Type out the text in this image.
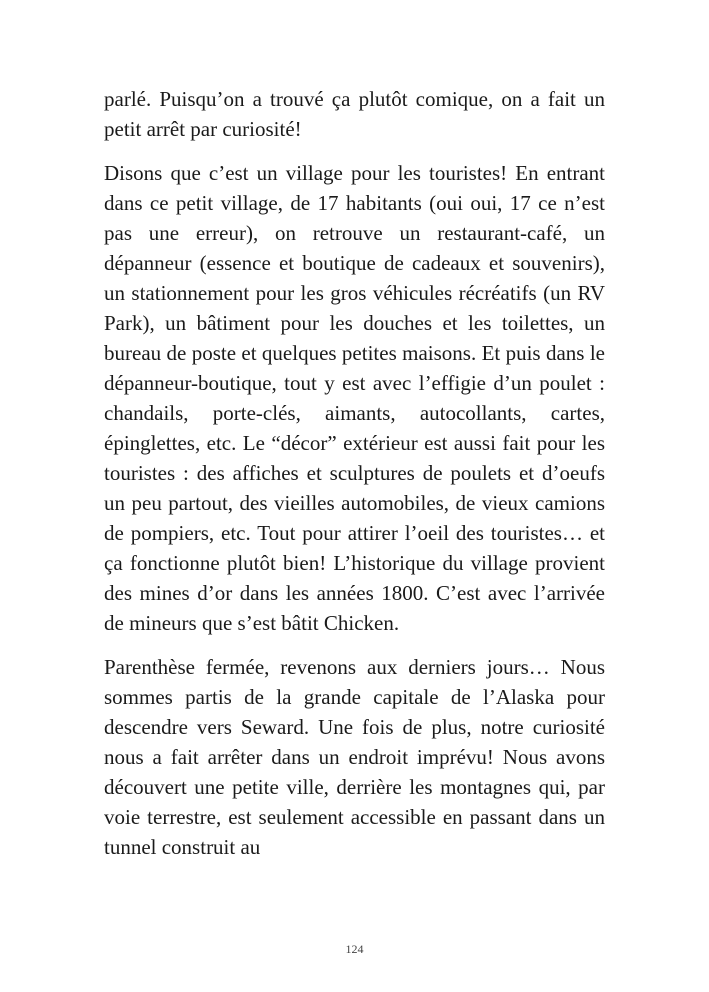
parlé. Puisqu’on a trouvé ça plutôt comique, on a fait un petit arrêt par curiosité!

Disons que c’est un village pour les touristes! En entrant dans ce petit village, de 17 habitants (oui oui, 17 ce n’est pas une erreur), on retrouve un restaurant-café, un dépanneur (essence et boutique de cadeaux et souvenirs), un stationnement pour les gros véhicules récréatifs (un RV Park), un bâtiment pour les douches et les toilettes, un bureau de poste et quelques petites maisons. Et puis dans le dépanneur-boutique, tout y est avec l’effigie d’un poulet : chandails, porte-clés, aimants, autocollants, cartes, épinglettes, etc. Le “décor” extérieur est aussi fait pour les touristes : des affiches et sculptures de poulets et d’oeufs un peu partout, des vieilles automobiles, de vieux camions de pompiers, etc. Tout pour attirer l’oeil des touristes… et ça fonctionne plutôt bien! L’historique du village provient des mines d’or dans les années 1800. C’est avec l’arrivée de mineurs que s’est bâtit Chicken.

Parenthèse fermée, revenons aux derniers jours… Nous sommes partis de la grande capitale de l’Alaska pour descendre vers Seward. Une fois de plus, notre curiosité nous a fait arrêter dans un endroit imprévu! Nous avons découvert une petite ville, derrière les montagnes qui, par voie terrestre, est seulement accessible en passant dans un tunnel construit au

124
